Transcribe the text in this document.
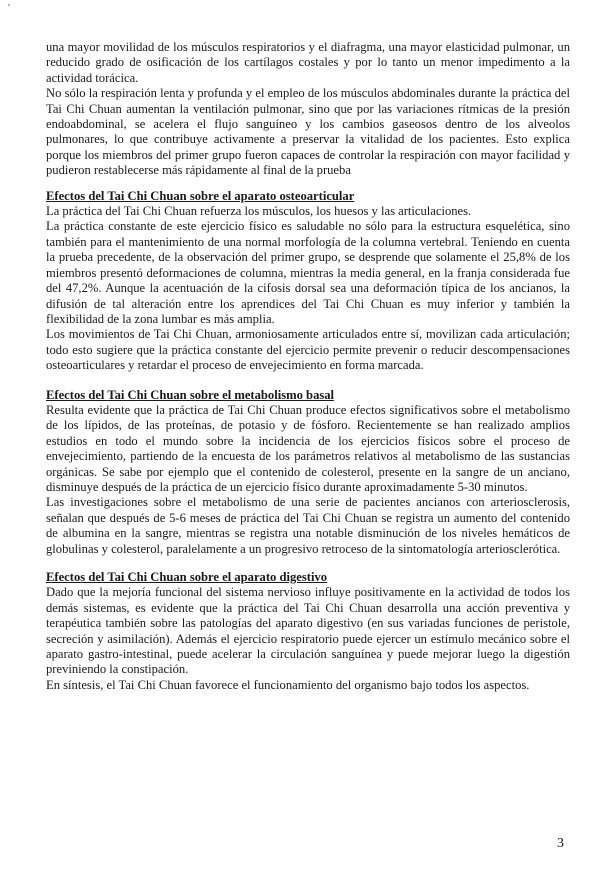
'

una mayor movilidad de los músculos respiratorios y el diafragma, una mayor elasticidad pulmonar, un reducido grado de osificación de los cartílagos costales y por lo tanto un menor impedimento a la actividad torácica.

No sólo la respiración lenta y profunda y el empleo de los músculos abdominales durante la práctica del Tai Chi Chuan aumentan la ventilación pulmonar, sino que por las variaciones rítmicas de la presión endoabdominal, se acelera el flujo sanguíneo y los cambios gaseosos dentro de los alveolos pulmonares, lo que contribuye activamente a preservar la vitalidad de los pacientes. Esto explica porque los miembros del primer grupo fueron capaces de controlar la respiración con mayor facilidad y pudieron restablecerse más rápidamente al final de la prueba

Efectos del Tai Chi Chuan sobre el aparato osteoarticular

La práctica del Tai Chi Chuan refuerza los músculos, los huesos y las articulaciones.

La práctica constante de este ejercicio físico es saludable no sólo para la estructura esquelética, sino también para el mantenimiento de una normal morfología de la columna vertebral. Teniendo en cuenta la prueba precedente, de la observación del primer grupo, se desprende que solamente el 25,8% de los miembros presentó deformaciones de columna, mientras la media general, en la franja considerada fue del 47,2%. Aunque la acentuación de la cifosis dorsal sea una deformación típica de los ancianos, la difusión de tal alteración entre los aprendices del Tai Chi Chuan es muy inferior y también la flexibilidad de la zona lumbar es más amplia.

Los movimientos de Tai Chi Chuan, armoniosamente articulados entre sí, movilizan cada articulación; todo esto sugiere que la práctica constante del ejercicio permite prevenir o reducir descompensaciones osteoarticulares y retardar el proceso de envejecimiento en forma marcada.

Efectos del Tai Chi Chuan sobre el metabolismo basal

Resulta evidente que la práctica de Tai Chi Chuan produce efectos significativos sobre el metabolismo de los lípidos, de las proteínas, de potasio y de fósforo. Recientemente se han realizado amplios estudios en todo el mundo sobre la incidencia de los ejercicios físicos sobre el proceso de envejecimiento, partiendo de la encuesta de los parámetros relativos al metabolismo de las sustancias orgánicas. Se sabe por ejemplo que el contenido de colesterol, presente en la sangre de un anciano, disminuye después de la práctica de un ejercicio físico durante aproximadamente 5-30 minutos.

Las investigaciones sobre el metabolismo de una serie de pacientes ancianos con arteriosclerosis, señalan que después de 5-6 meses de práctica del Tai Chi Chuan se registra un aumento del contenido de albumina en la sangre, mientras se registra una notable disminución de los niveles hemáticos de globulinas y colesterol, paralelamente a un progresivo retroceso de la sintomatología arteriosclerótica.

Efectos del Tai Chi Chuan sobre el aparato digestivo

Dado que la mejoría funcional del sistema nervioso influye positivamente en la actividad de todos los demás sistemas, es evidente que la práctica del Tai Chi Chuan desarrolla una acción preventiva y terapéutica también sobre las patologías del aparato digestivo (en sus variadas funciones de peristole, secreción y asimilación). Además el ejercicio respiratorio puede ejercer un estímulo mecánico sobre el aparato gastro-intestinal, puede acelerar la circulación sanguínea y puede mejorar luego la digestión previniendo la constipación.

En síntesis, el Tai Chi Chuan favorece el funcionamiento del organismo bajo todos los aspectos.

3
